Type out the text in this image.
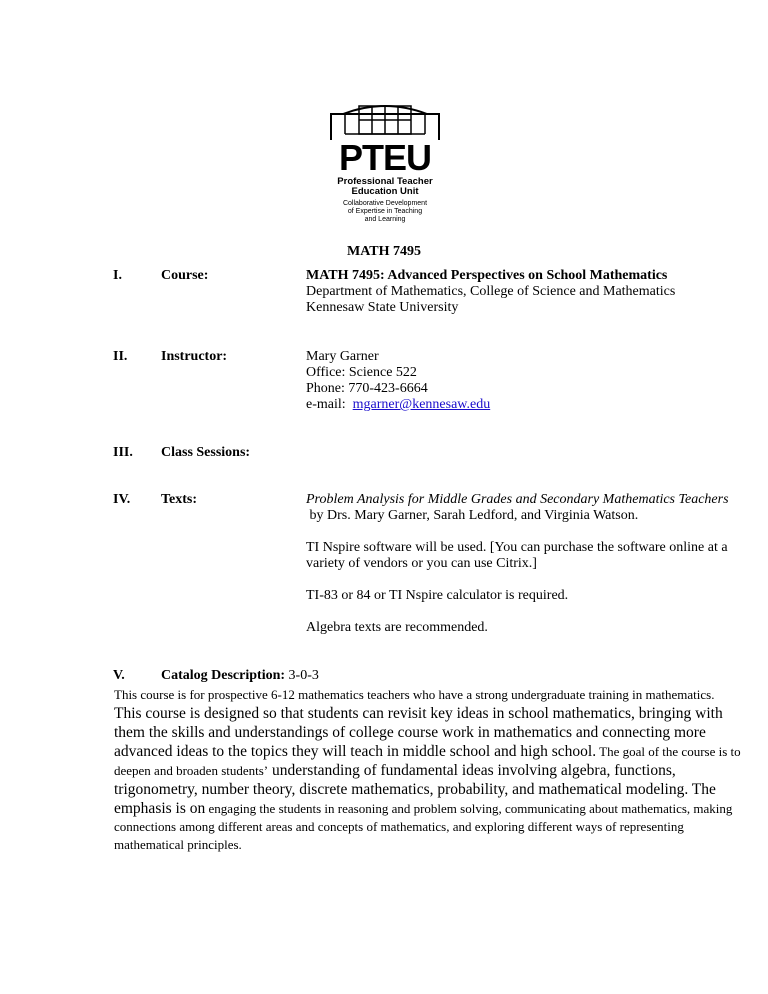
PTEU
Professional Teacher
Education Unit
Collaborative Development
of Expertise in Teaching
and Learning
MATH 7495
I.	Course:	MATH 7495: Advanced Perspectives on School Mathematics

Department of Mathematics, College of Science and Mathematics

Kennesaw State University

II. Instructor:	Mary Garner

Office: Science 522

Phone: 770-423-6664

e-mail:  mgarner@kennesaw.edu

III. Class Sessions:
IV. Texts:	Problem Analysis for Middle Grades and Secondary Mathematics Teachers

by Drs. Mary Garner, Sarah Ledford, and Virginia Watson.

TI Nspire software will be used. [You can purchase the software online at a variety of vendors or you can use Citrix.]

TI-83 or 84 or TI Nspire calculator is required.

Algebra texts are recommended.

V.	Catalog Description: 3-0-3
This course is for prospective 6-12 mathematics teachers who have a strong undergraduate training in mathematics. This course is designed so that students can revisit key ideas in school mathematics, bringing with them the skills and understandings of college course work in mathematics and connecting more advanced ideas to the topics they will teach in middle school and high school. The goal of the course is to deepen and broaden students’ understanding of fundamental ideas involving algebra, functions, trigonometry, number theory, discrete mathematics, probability, and mathematical modeling. The emphasis is on engaging the students in reasoning and problem solving, communicating about mathematics, making connections among different areas and concepts of mathematics, and exploring different ways of representing mathematical principles.
